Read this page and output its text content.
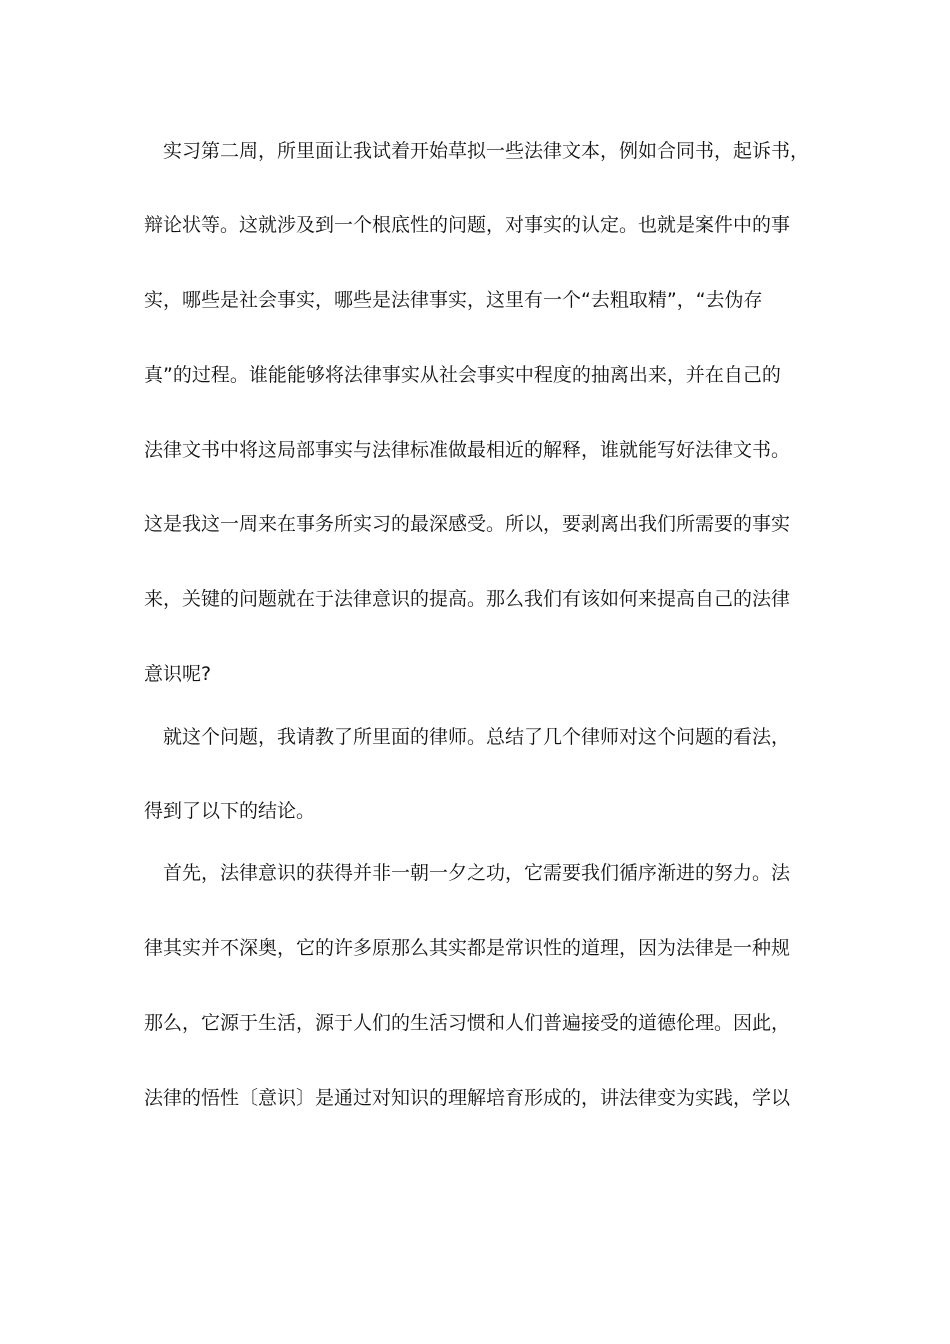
实习第二周，所里面让我试着开始草拟一些法律文本，例如合同书，起诉书，
辩论状等。这就涉及到一个根底性的问题，对事实的认定。也就是案件中的事
实，哪些是社会事实，哪些是法律事实，这里有一个“去粗取精”，“去伪存
真”的过程。谁能能够将法律事实从社会事实中程度的抽离出来，并在自己的
法律文书中将这局部事实与法律标准做最相近的解释，谁就能写好法律文书。
这是我这一周来在事务所实习的最深感受。所以，要剥离出我们所需要的事实
来，关键的问题就在于法律意识的提高。那么我们有该如何来提高自己的法律
意识呢?
就这个问题，我请教了所里面的律师。总结了几个律师对这个问题的看法，
得到了以下的结论。
首先，法律意识的获得并非一朝一夕之功，它需要我们循序渐进的努力。法
律其实并不深奥，它的许多原那么其实都是常识性的道理，因为法律是一种规
那么，它源于生活，源于人们的生活习惯和人们普遍接受的道德伦理。因此，
法律的悟性〔意识〕是通过对知识的理解培育形成的，讲法律变为实践，学以
